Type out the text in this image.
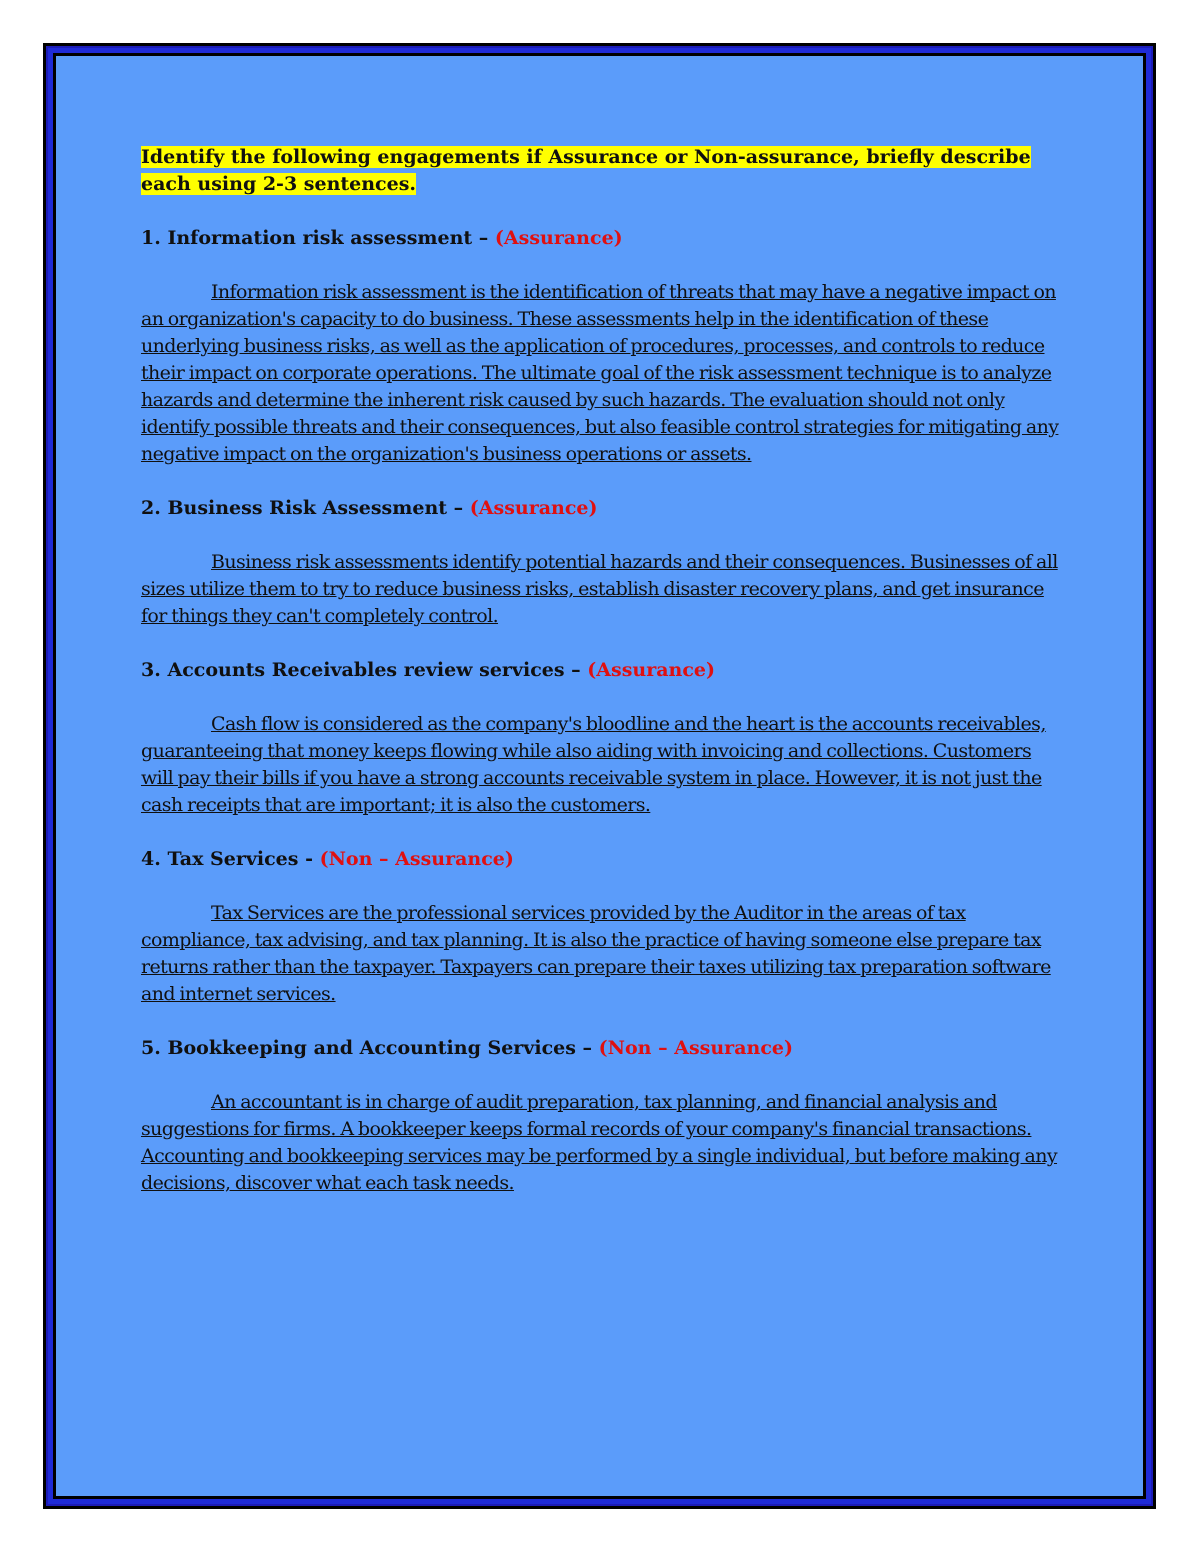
Identify the following engagements if Assurance or Non-assurance, briefly describe each using 2-3 sentences.

1. Information risk assessment – (Assurance)

Information risk assessment is the identification of threats that may have a negative impact on an organization's capacity to do business. These assessments help in the identification of these underlying business risks, as well as the application of procedures, processes, and controls to reduce their impact on corporate operations. The ultimate goal of the risk assessment technique is to analyze hazards and determine the inherent risk caused by such hazards. The evaluation should not only identify possible threats and their consequences, but also feasible control strategies for mitigating any negative impact on the organization's business operations or assets.

2. Business Risk Assessment – (Assurance)

Business risk assessments identify potential hazards and their consequences. Businesses of all sizes utilize them to try to reduce business risks, establish disaster recovery plans, and get insurance for things they can't completely control.

3. Accounts Receivables review services – (Assurance)

Cash flow is considered as the company's bloodline and the heart is the accounts receivables, guaranteeing that money keeps flowing while also aiding with invoicing and collections. Customers will pay their bills if you have a strong accounts receivable system in place. However, it is not just the cash receipts that are important; it is also the customers.

4. Tax Services - (Non – Assurance)

Tax Services are the professional services provided by the Auditor in the areas of tax compliance, tax advising, and tax planning. It is also the practice of having someone else prepare tax returns rather than the taxpayer. Taxpayers can prepare their taxes utilizing tax preparation software and internet services.

5. Bookkeeping and Accounting Services – (Non – Assurance)

An accountant is in charge of audit preparation, tax planning, and financial analysis and suggestions for firms. A bookkeeper keeps formal records of your company's financial transactions. Accounting and bookkeeping services may be performed by a single individual, but before making any decisions, discover what each task needs.
